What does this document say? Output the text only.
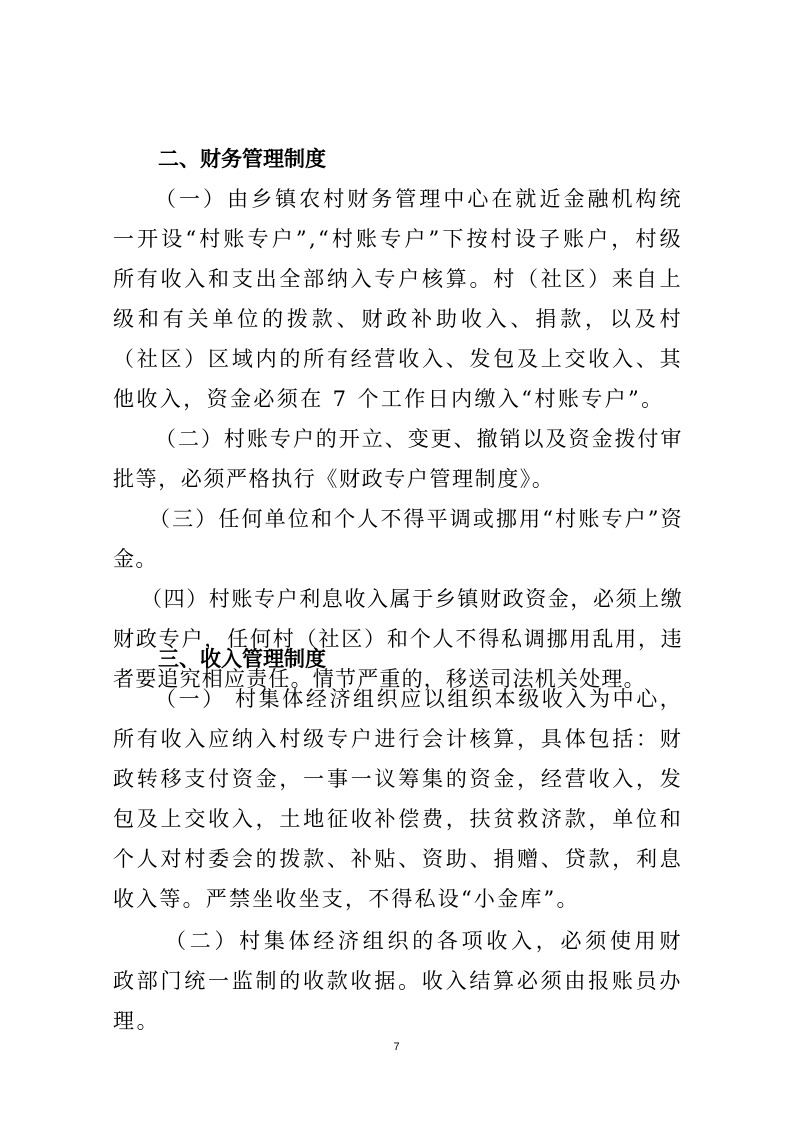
二、财务管理制度

（一）由乡镇农村财务管理中心在就近金融机构统一开设“村账专户”,“村账专户”下按村设子账户，村级所有收入和支出全部纳入专户核算。村（社区）来自上级和有关单位的拨款、财政补助收入、捐款，以及村（社区）区域内的所有经营收入、发包及上交收入、其他收入，资金必须在 7 个工作日内缴入“村账专户”。

（二）村账专户的开立、变更、撤销以及资金拨付审批等，必须严格执行《财政专户管理制度》。

（三）任何单位和个人不得平调或挪用“村账专户”资金。

（四）村账专户利息收入属于乡镇财政资金，必须上缴财政专户，任何村（社区）和个人不得私调挪用乱用，违者要追究相应责任。情节严重的，移送司法机关处理。

三、收入管理制度

（一） 村集体经济组织应以组织本级收入为中心，所有收入应纳入村级专户进行会计核算，具体包括：财政转移支付资金，一事一议筹集的资金，经营收入，发包及上交收入，土地征收补偿费，扶贫救济款，单位和个人对村委会的拨款、补贴、资助、捐赠、贷款，利息收入等。严禁坐收坐支，不得私设“小金库”。

（二）村集体经济组织的各项收入，必须使用财政部门统一监制的收款收据。收入结算必须由报账员办理。

7
